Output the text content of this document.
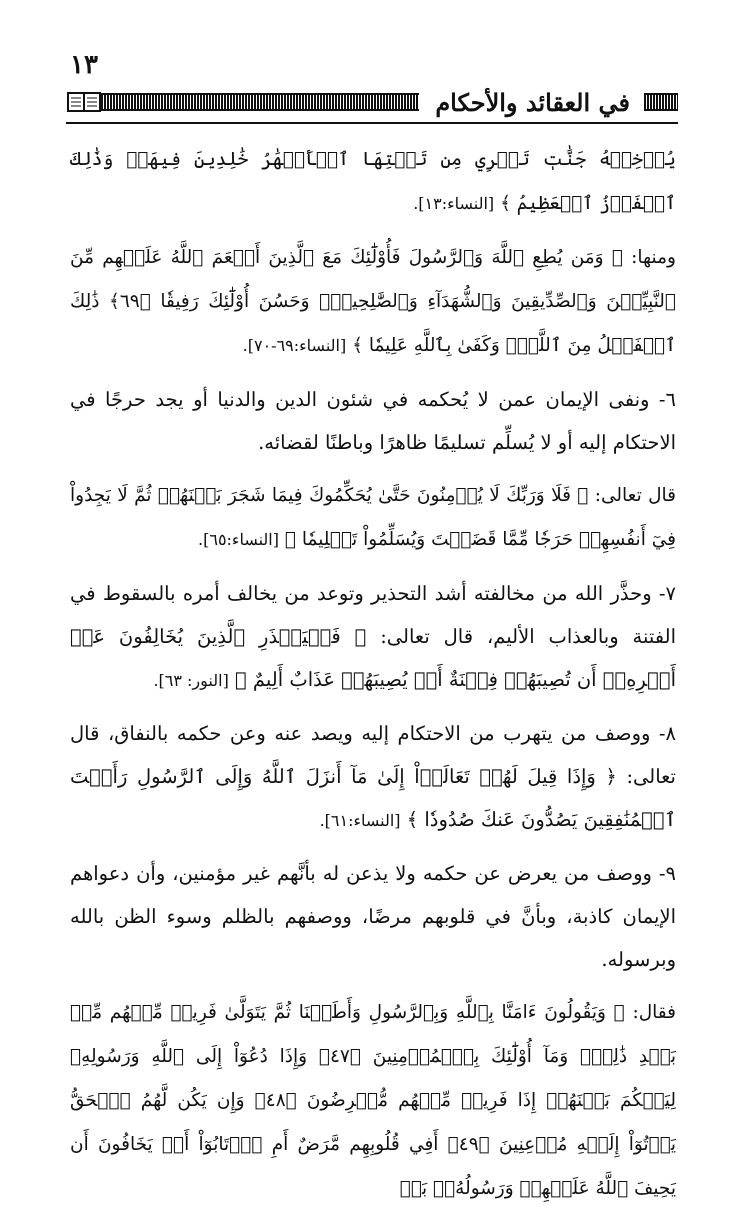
١٣
في العقائد والأحكام

يُدۡخِلۡهُ جَنَّٰتٖ تَجۡرِي مِن تَحۡتِهَا ٱلۡأَنۡهَٰرُ خَٰلِدِينَ فِيهَاۚ وَذَٰلِكَ ٱلۡفَوۡزُ ٱلۡعَظِيمُ ﴾ [النساء:١٣].

ومنها: ﴿ وَمَن يُطِعِ ٱللَّهَ وَٱلرَّسُولَ فَأُوْلَٰٓئِكَ مَعَ ٱلَّذِينَ أَنۡعَمَ ٱللَّهُ عَلَيۡهِم مِّنَ ٱلنَّبِيِّـۧنَ وَٱلصِّدِّيقِينَ وَٱلشُّهَدَآءِ وَٱلصَّٰلِحِينَۚ وَحَسُنَ أُوْلَٰٓئِكَ رَفِيقٗا ﴿٦٩﴾ ذَٰلِكَ ٱلۡفَضۡلُ مِنَ ٱللَّهِۚ وَكَفَىٰ بِٱللَّهِ عَلِيمٗا ﴾ [النساء:٦٩-٧٠].

٦- ونفى الإيمان عمن لا يُحكمه في شئون الدين والدنيا أو يجد حرجًا في الاحتكام إليه أو لا يُسلِّم تسليمًا ظاهرًا وباطنًا لقضائه.

قال تعالى: ﴿ فَلَا وَرَبِّكَ لَا يُؤۡمِنُونَ حَتَّىٰ يُحَكِّمُوكَ فِيمَا شَجَرَ بَيۡنَهُمۡ ثُمَّ لَا يَجِدُواْ فِيٓ أَنفُسِهِمۡ حَرَجٗا مِّمَّا قَضَيۡتَ وَيُسَلِّمُواْ تَسۡلِيمٗا ﴾ [النساء:٦٥].

٧- وحذَّر الله من مخالفته أشد التحذير وتوعد من يخالف أمره بالسقوط في الفتنة وبالعذاب الأليم، قال تعالى: ﴿ فَلۡيَحۡذَرِ ٱلَّذِينَ يُخَالِفُونَ عَنۡ أَمۡرِهِۦٓ أَن تُصِيبَهُمۡ فِتۡنَةٌ أَوۡ يُصِيبَهُمۡ عَذَابٌ أَلِيمٌ ﴾ [النور: ٦٣].

٨- ووصف من يتهرب من الاحتكام إليه ويصد عنه وعن حكمه بالنفاق، قال تعالى: ﴿ وَإِذَا قِيلَ لَهُمۡ تَعَالَوۡاْ إِلَىٰ مَآ أَنزَلَ ٱللَّهُ وَإِلَى ٱلرَّسُولِ رَأَيۡتَ ٱلۡمُنَٰفِقِينَ يَصُدُّونَ عَنكَ صُدُودٗا ﴾ [النساء:٦١].

٩- ووصف من يعرض عن حكمه ولا يذعن له بأنَّهم غير مؤمنين، وأن دعواهم الإيمان كاذبة، وبأنَّ في قلوبهم مرضًا، ووصفهم بالظلم وسوء الظن بالله وبرسوله.

فقال: ﴿ وَيَقُولُونَ ءَامَنَّا بِٱللَّهِ وَبِٱلرَّسُولِ وَأَطَعۡنَا ثُمَّ يَتَوَلَّىٰ فَرِيقٞ مِّنۡهُم مِّنۢ بَعۡدِ ذَٰلِكَۚ وَمَآ أُوْلَٰٓئِكَ بِٱلۡمُؤۡمِنِينَ ﴿٤٧﴾ وَإِذَا دُعُوٓاْ إِلَى ٱللَّهِ وَرَسُولِهِۦ لِيَحۡكُمَ بَيۡنَهُمۡ إِذَا فَرِيقٞ مِّنۡهُم مُّعۡرِضُونَ ﴿٤٨﴾ وَإِن يَكُن لَّهُمُ ٱلۡحَقُّ يَأۡتُوٓاْ إِلَيۡهِ مُذۡعِنِينَ ﴿٤٩﴾ أَفِي قُلُوبِهِم مَّرَضٌ أَمِ ٱرۡتَابُوٓاْ أَمۡ يَخَافُونَ أَن يَحِيفَ ٱللَّهُ عَلَيۡهِمۡ وَرَسُولُهُۥۚ بَلۡ
